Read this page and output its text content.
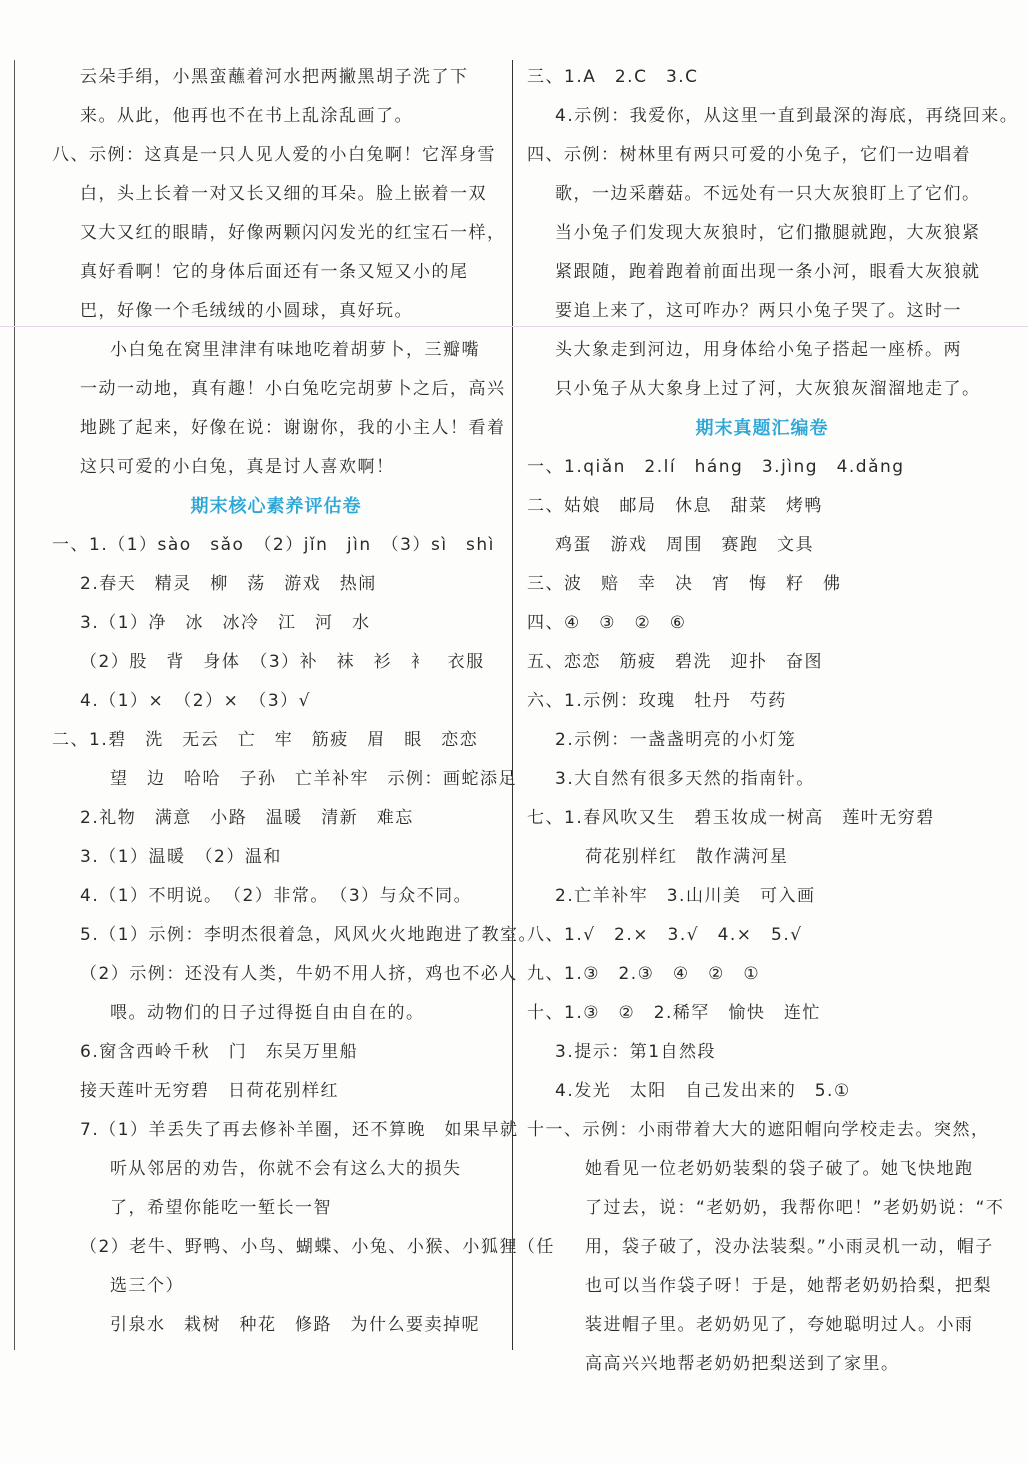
云朵手绢，小黑蛮蘸着河水把两撇黑胡子洗了下
来。从此，他再也不在书上乱涂乱画了。
八、示例：这真是一只人见人爱的小白兔啊！它浑身雪
白，头上长着一对又长又细的耳朵。脸上嵌着一双
又大又红的眼睛，好像两颗闪闪发光的红宝石一样，
真好看啊！它的身体后面还有一条又短又小的尾
巴，好像一个毛绒绒的小圆球，真好玩。
小白兔在窝里津津有味地吃着胡萝卜，三瓣嘴
一动一动地，真有趣！小白兔吃完胡萝卜之后，高兴
地跳了起来，好像在说：谢谢你，我的小主人！看着
这只可爱的小白兔，真是讨人喜欢啊！
期末核心素养评估卷
一、1.（1）sào　sǎo　（2）jǐn　jìn　（3）sì　shì
2.春天　精灵　柳　荡　游戏　热闹
3.（1）净　冰　冰冷　江　河　水
（2）股　背　身体　（3）补　袜　衫　衤　衣服
4.（1）×　（2）×　（3）√
二、1.碧　洗　无云　亡　牢　筋疲　眉　眼　恋恋
望　边　哈哈　子孙　亡羊补牢　示例：画蛇添足
2.礼物　满意　小路　温暖　清新　难忘
3.（1）温暖　（2）温和
4.（1）不明说。　（2）非常。　（3）与众不同。
5.（1）示例：李明杰很着急，风风火火地跑进了教室。
（2）示例：还没有人类，牛奶不用人挤，鸡也不必人
喂。动物们的日子过得挺自由自在的。
6.窗含西岭千秋　门　东吴万里船
接天莲叶无穷碧　日荷花别样红
7.（1）羊丢失了再去修补羊圈，还不算晚　如果早就
听从邻居的劝告，你就不会有这么大的损失
了，希望你能吃一堑长一智
（2）老牛、野鸭、小鸟、蝴蝶、小兔、小猴、小狐狸（任
选三个）
引泉水　栽树　种花　修路　为什么要卖掉呢
三、1.A　2.C　3.C
4.示例：我爱你，从这里一直到最深的海底，再绕回来。
四、示例：树林里有两只可爱的小兔子，它们一边唱着
歌，一边采蘑菇。不远处有一只大灰狼盯上了它们。
当小兔子们发现大灰狼时，它们撒腿就跑，大灰狼紧
紧跟随，跑着跑着前面出现一条小河，眼看大灰狼就
要追上来了，这可咋办？两只小兔子哭了。这时一
头大象走到河边，用身体给小兔子搭起一座桥。两
只小兔子从大象身上过了河，大灰狼灰溜溜地走了。
期末真题汇编卷
一、1.qiǎn　2.lí　háng　3.jìng　4.dǎng
二、姑娘　邮局　休息　甜菜　烤鸭
鸡蛋　游戏　周围　赛跑　文具
三、波　赔　幸　决　宵　悔　籽　佛
四、④　③　②　⑥
五、恋恋　筋疲　碧洗　迎扑　奋图
六、1.示例：玫瑰　牡丹　芍药
2.示例：一盏盏明亮的小灯笼
3.大自然有很多天然的指南针。
七、1.春风吹又生　碧玉妆成一树高　莲叶无穷碧
荷花别样红　散作满河星
2.亡羊补牢　3.山川美　可入画
八、1.√　2.×　3.√　4.×　5.√
九、1.③　2.③　④　②　①
十、1.③　②　2.稀罕　愉快　连忙
3.提示：第1自然段
4.发光　太阳　自己发出来的　5.①
十一、示例：小雨带着大大的遮阳帽向学校走去。突然，
她看见一位老奶奶装梨的袋子破了。她飞快地跑
了过去，说：“老奶奶，我帮你吧！”老奶奶说：“不
用，袋子破了，没办法装梨。”小雨灵机一动，帽子
也可以当作袋子呀！于是，她帮老奶奶拾梨，把梨
装进帽子里。老奶奶见了，夸她聪明过人。小雨
高高兴兴地帮老奶奶把梨送到了家里。
